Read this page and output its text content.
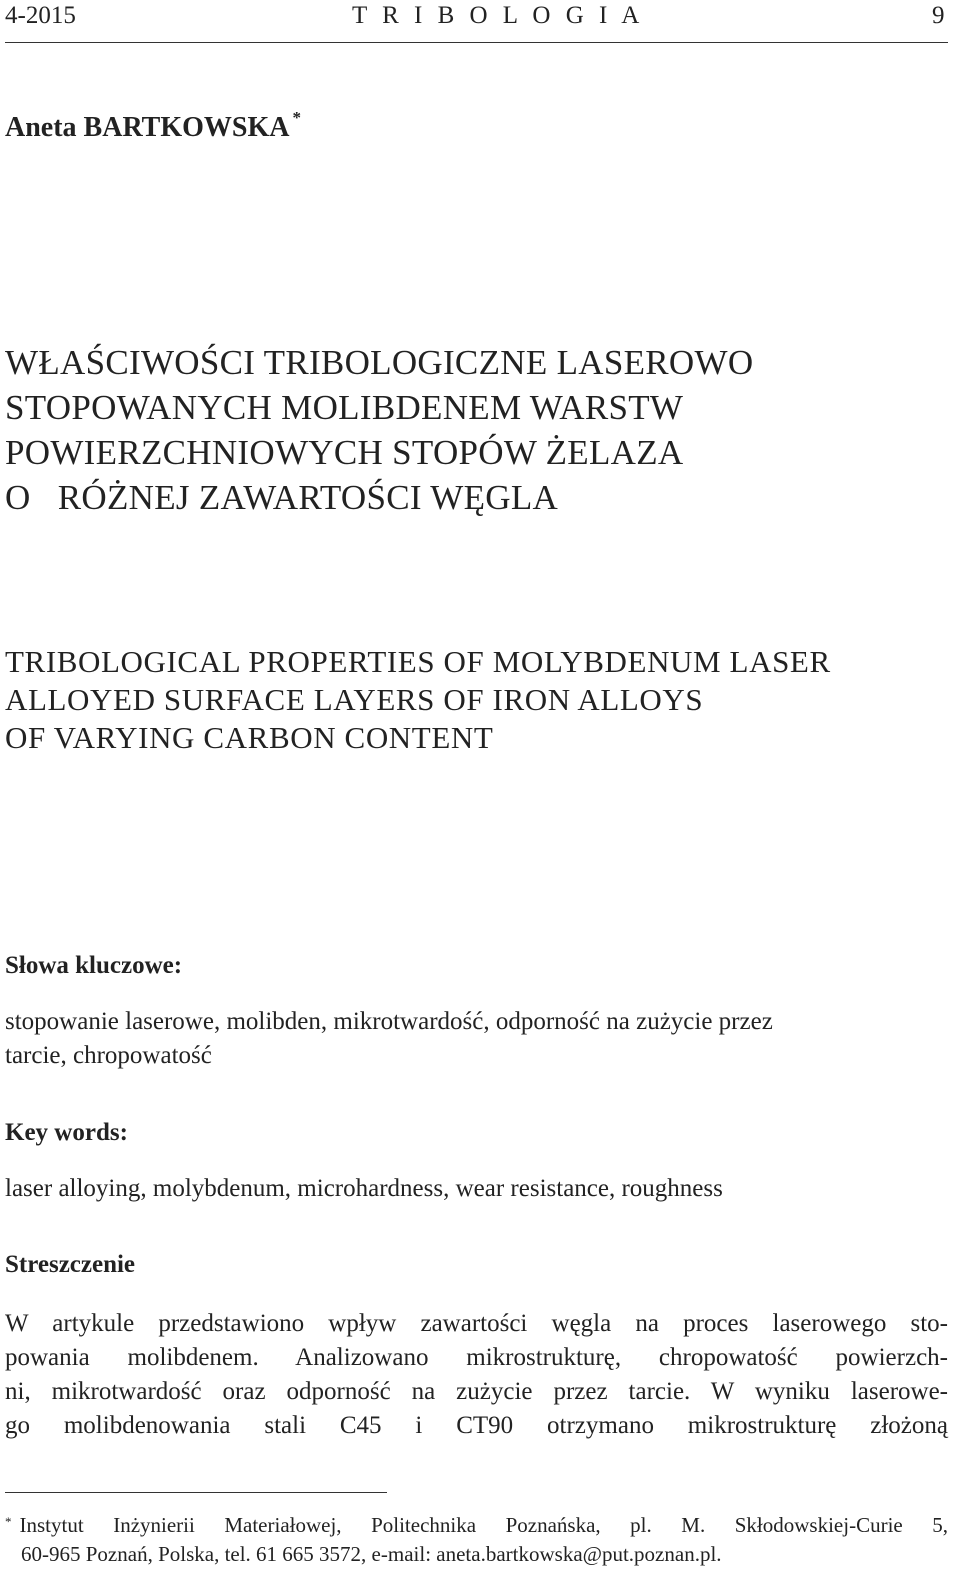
4-2015	T R I B O L O G I A	9
Aneta BARTKOWSKA *
WŁAŚCIWOŚCI TRIBOLOGICZNE LASEROWO
STOPOWANYCH MOLIBDENEM WARSTW
POWIERZCHNIOWYCH STOPÓW ŻELAZA
O   RÓŻNEJ ZAWARTOŚCI WĘGLA
TRIBOLOGICAL PROPERTIES OF MOLYBDENUM LASER
ALLOYED SURFACE LAYERS OF IRON ALLOYS
OF VARYING CARBON CONTENT
Słowa kluczowe:
stopowanie laserowe, molibden, mikrotwardość, odporność na zużycie przez
tarcie, chropowatość
Key words:
laser alloying, molybdenum, microhardness, wear resistance, roughness
Streszczenie
W artykule przedstawiono wpływ zawartości węgla na proces laserowego sto-
powania molibdenem. Analizowano mikrostrukturę, chropowatość powierzch-
ni, mikrotwardość oraz odporność na zużycie przez tarcie. W wyniku laserowe-
go molibdenowania stali C45 i CT90 otrzymano mikrostrukturę złożoną
* Instytut Inżynierii Materiałowej, Politechnika Poznańska, pl. M. Skłodowskiej-Curie 5,
60-965 Poznań, Polska, tel. 61 665 3572, e-mail: aneta.bartkowska@put.poznan.pl.
